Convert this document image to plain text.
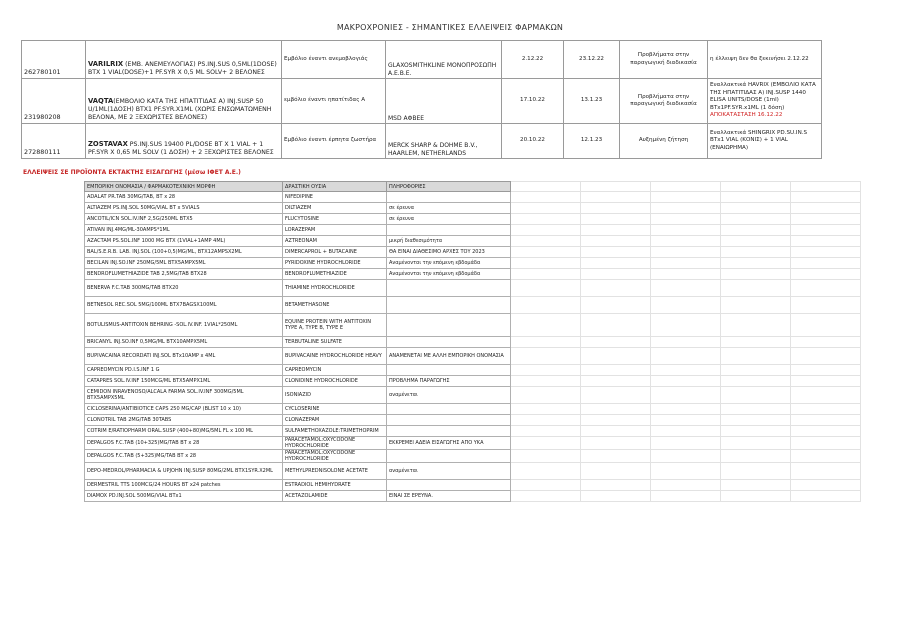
ΜΑΚΡΟΧΡΟΝΙΕΣ - ΣΗΜΑΝΤΙΚΕΣ ΕΛΛΕΙΨΕΙΣ ΦΑΡΜΑΚΩΝ
262780101	VARILRIX (ΕΜΒ. ΑΝΕΜΕΥΛΟΓΙΑΣ) PS.INJ.SUS 0,5ML(1DOSE) BTX 1 VIAL(DOSE)+1 PF.SYR X 0,5 ML SOLV+ 2 ΒΕΛΟΝΕΣ	Εμβόλιο έναντι ανεμοβλογιάς	GLAXOSMITHKLINE ΜΟΝΟΠΡΟΣΩΠΗ Α.Ε.Β.Ε.	2.12.22	23.12.22	Προβλήματα στην παραγωγική διαδικασία	η έλλειψη δεν θα ξεκινήσει 2.12.22
231980208	VAQTA(ΕΜΒΟΛΙΟ ΚΑΤΑ ΤΗΣ ΗΠΑΤΙΤΙΔΑΣ Α) INJ.SUSP 50 U/1ML(1ΔΟΣΗ) BTX1 PF.SYR.X1ML (ΧΩΡΙΣ ΕΝΣΩΜΑΤΩΜΕΝΗ ΒΕΛΟΝΑ, ΜΕ 2 ΞΕΧΩΡΙΣΤΕΣ ΒΕΛΟΝΕΣ)	εμβόλιο έναντι ηπατίτιδας Α	MSD ΑΦΒΕΕ	17.10.22	13.1.23	Προβλήματα στην παραγωγική διαδικασία	Εναλλακτικά HAVRIX (ΕΜΒΟΛΙΟ ΚΑΤΑ ΤΗΣ ΗΠΑΤΙΤΙΔΑΣ Α) INJ.SUSP 1440 ELISA UNITS/DOSE (1ml) BTx1PF.SYR.x1ML (1 δόση) ΑΠΟΚΑΤΑΣΤΑΣΗ 16.12.22
272880111	ZOSTAVAX PS.INJ.SUS 19400 PL/DOSE BT X 1 VIAL + 1 PF.SYR X 0,65 ML SOLV (1 ΔΟΣΗ) + 2 ΞΕΧΩΡΙΣΤΕΣ ΒΕΛΟΝΕΣ	Εμβόλιο έναντι έρπητα ζωστήρα	MERCK SHARP & DOHME B.V., HAARLEM, NETHERLANDS	20.10.22	12.1.23	Αυξημένη ζήτηση	Εναλλακτικά SHINGRIX PD.SU.IN.S BTx1 VIAL (ΚΟΝΙΣ) + 1 VIAL (ΕΝΑΙΩΡΗΜΑ)
ΕΛΛΕΙΨΕΙΣ ΣΕ ΠΡΟΪΟΝΤΑ ΕΚΤΑΚΤΗΣ ΕΙΣΑΓΩΓΗΣ (μέσω ΙΦΕΤ Α.Ε.)
ΕΜΠΟΡΙΚΗ ΟΝΟΜΑΣΙΑ / ΦΑΡΜΑΚΟΤΕΧΝΙΚΗ ΜΟΡΦΗ	ΔΡΑΣΤΙΚΗ ΟΥΣΙΑ	ΠΛΗΡΟΦΟΡΙΕΣ					
ADALAT PR.TAB 30MG/TAB, BT x 28	NIFEDIPINE						
ALTIAZEM PS.INJ.SOL 50MG/VIAL BT x 5VIALS	DILTIAZEM	σε έρευνα					
ANCOTIL/ICN SOL.IV.INF 2,5G/250ML BTX5	FLUCYTOSINE	σε έρευνα					
ATIVAN INJ.4MG/ML-30AMPS*1ML	LORAZEPAM						
AZACTAM PS.SOL.INF 1000 MG BTX (1VIAL+1AMP 4ML)	AZTREONAM	μικρή διαθεσιμότητα					
BAL/S.E.R.B. LAB. INJ.SOL (100+0,5)MG/ML, BTX12AMPSX2ML	DIMERCAPROL + BUTACAINE	ΘΑ ΕΙΝΑΙ ΔΙΑΘΕΣΙΜΟ ΑΡΧΕΣ ΤΟΥ 2023					
BECILAN INJ.SO.INF 250MG/5ML BTX5AMPX5ML	PYRIDOXINE HYDROCHLORIDE	Αναμένονται την επόμενη εβδομάδα					
BENDROFLUMETHIAZIDE TAB 2,5MG/TAB BTX28	BENDROFLUMETHIAZIDE	Αναμένονται την επόμενη εβδομάδα					
BENERVA F.C.TAB 300MG/TAB BTX20	THIAMINE HYDROCHLORIDE						
BETNESOL REC.SOL 5MG/100ML BTX7BAGSX100ML	BETAMETHASONE						
BOTULISMUS-ANTITOXIN BEHRING -SOL.IV.INF. 1VIAL*250ML	EQUINE PROTEIN WITH ANTITOXIN TYPE A, TYPE B, TYPE E						
BRICANYL INJ.SO.INF 0,5MG/ML BTX10AMPX5ML	TERBUTALINE SULFATE						
BUPIVACAINA RECORDATI INJ.SOL BTx10AMP x 4ML	BUPIVACAINE HYDROCHLORIDE HEAVY	ΑΝΑΜΕΝΕΤΑΙ ΜΕ ΑΛΛΗ ΕΜΠΟΡΙΚΗ ΟΝΟΜΑΣΙΑ					
CAPREOMYCIN PD.I.S.INF 1 G	CAPREOMYCIN						
CATAPRES SOL.IV.INF 150MCG/ML BTX5AMPX1ML	CLONIDINE HYDROCHLORIDE	ΠΡΟΒΛΗΜΑ ΠΑΡΑΓΩΓΗΣ					
CEMIDON INRAVENOSO/ALCALA FARMA SOL.IV.INF 300MG/5ML BTX5AMPX5ML	ISONIAZID	αναμένεται					
CICLOSERINA/ANTIBIOTICE CAPS 250 MG/CAP (BLIST 10 x 10)	CYCLOSERINE						
CLONOTRIL TAB 2MG/TAB 30TABS	CLONAZEPAM						
COTRIM E/RATIOPHARM ORAL.SUSP (400+80)MG/5ML FL x 100 ML	SULFAMETHOXAZOLE:TRIMETHOPRIM						
DEPALGOS F.C.TAB (10+325)MG/TAB BT x 28	PARACETAMOL:OXYCODONE HYDROCHLORIDE	ΕΚΚΡΕΜΕΙ ΑΔΕΙΑ ΕΙΣΑΓΩΓΗΣ ΑΠΟ ΥΚΑ					
DEPALGOS F.C.TAB (5+325)MG/TAB BT x 28	PARACETAMOL:OXYCODONE HYDROCHLORIDE						
DEPO-MEDROL/PHARMACIA & UPJOHN INJ.SUSP 80MG/2ML BTX1SYR.X2ML	METHYLPREDNISOLONE ACETATE	αναμένεται					
DERMESTRIL TTS 100MCG/24 HOURS BT x24 patches	ESTRADIOL HEMIHYDRATE						
DIAMOX PD.INJ.SOL 500MG/VIAL BTx1	ACETAZOLAMIDE	ΕΙΝΑΙ ΣΕ ΕΡΕΥΝΑ.					
